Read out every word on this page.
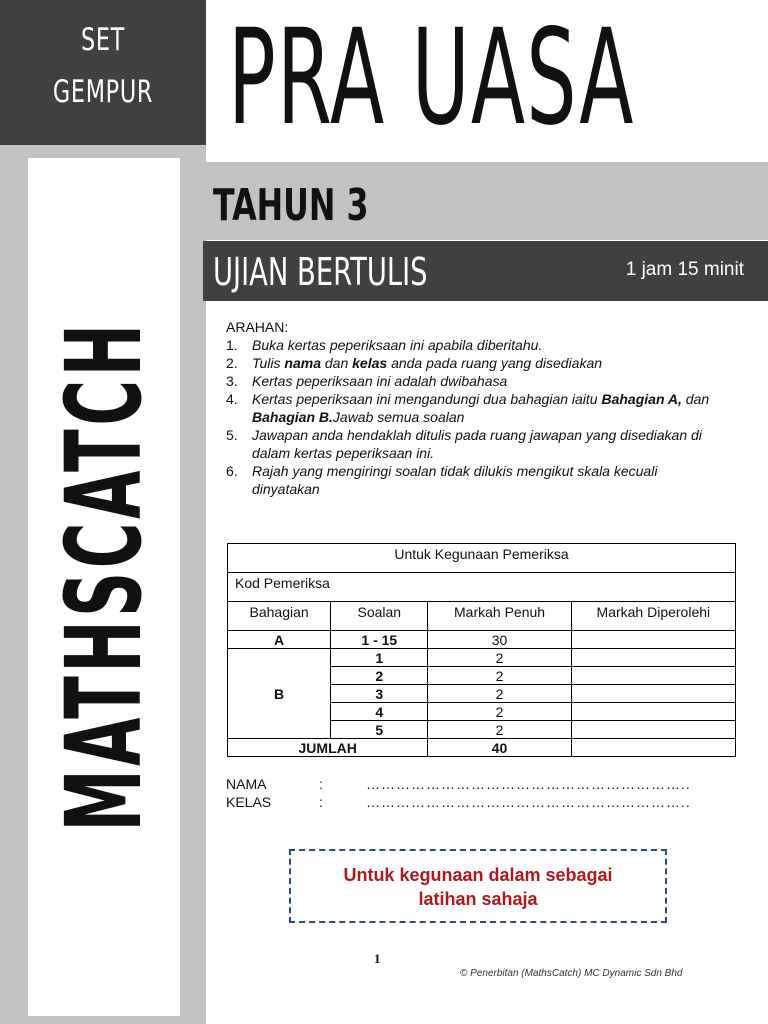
SET
GEMPUR
MATHSCATCH
PRA UASA
TAHUN 3
UJIAN BERTULIS	1 jam 15 minit
ARAHAN:
1. Buka kertas peperiksaan ini apabila diberitahu.
2. Tulis nama dan kelas anda pada ruang yang disediakan
3. Kertas peperiksaan ini adalah dwibahasa
4. Kertas peperiksaan ini mengandungi dua bahagian iaitu Bahagian A, dan Bahagian B.Jawab semua soalan
5. Jawapan anda hendaklah ditulis pada ruang jawapan yang disediakan di dalam kertas peperiksaan ini.
6. Rajah yang mengiringi soalan tidak dilukis mengikut skala kecuali dinyatakan
Untuk Kegunaan Pemeriksa			
Kod Pemeriksa			
Bahagian	Soalan	Markah Penuh	Markah Diperolehi
A	1 - 15	30	
B	1	2	
	2	2	
	3	2	
	4	2	
	5	2	
JUMLAH		40	
NAMA	:	………………………………………………………..
KELAS	:	………………………………………………………..
Untuk kegunaan dalam sebagai
latihan sahaja
1
© Penerbitan (MathsCatch) MC Dynamic Sdn Bhd
